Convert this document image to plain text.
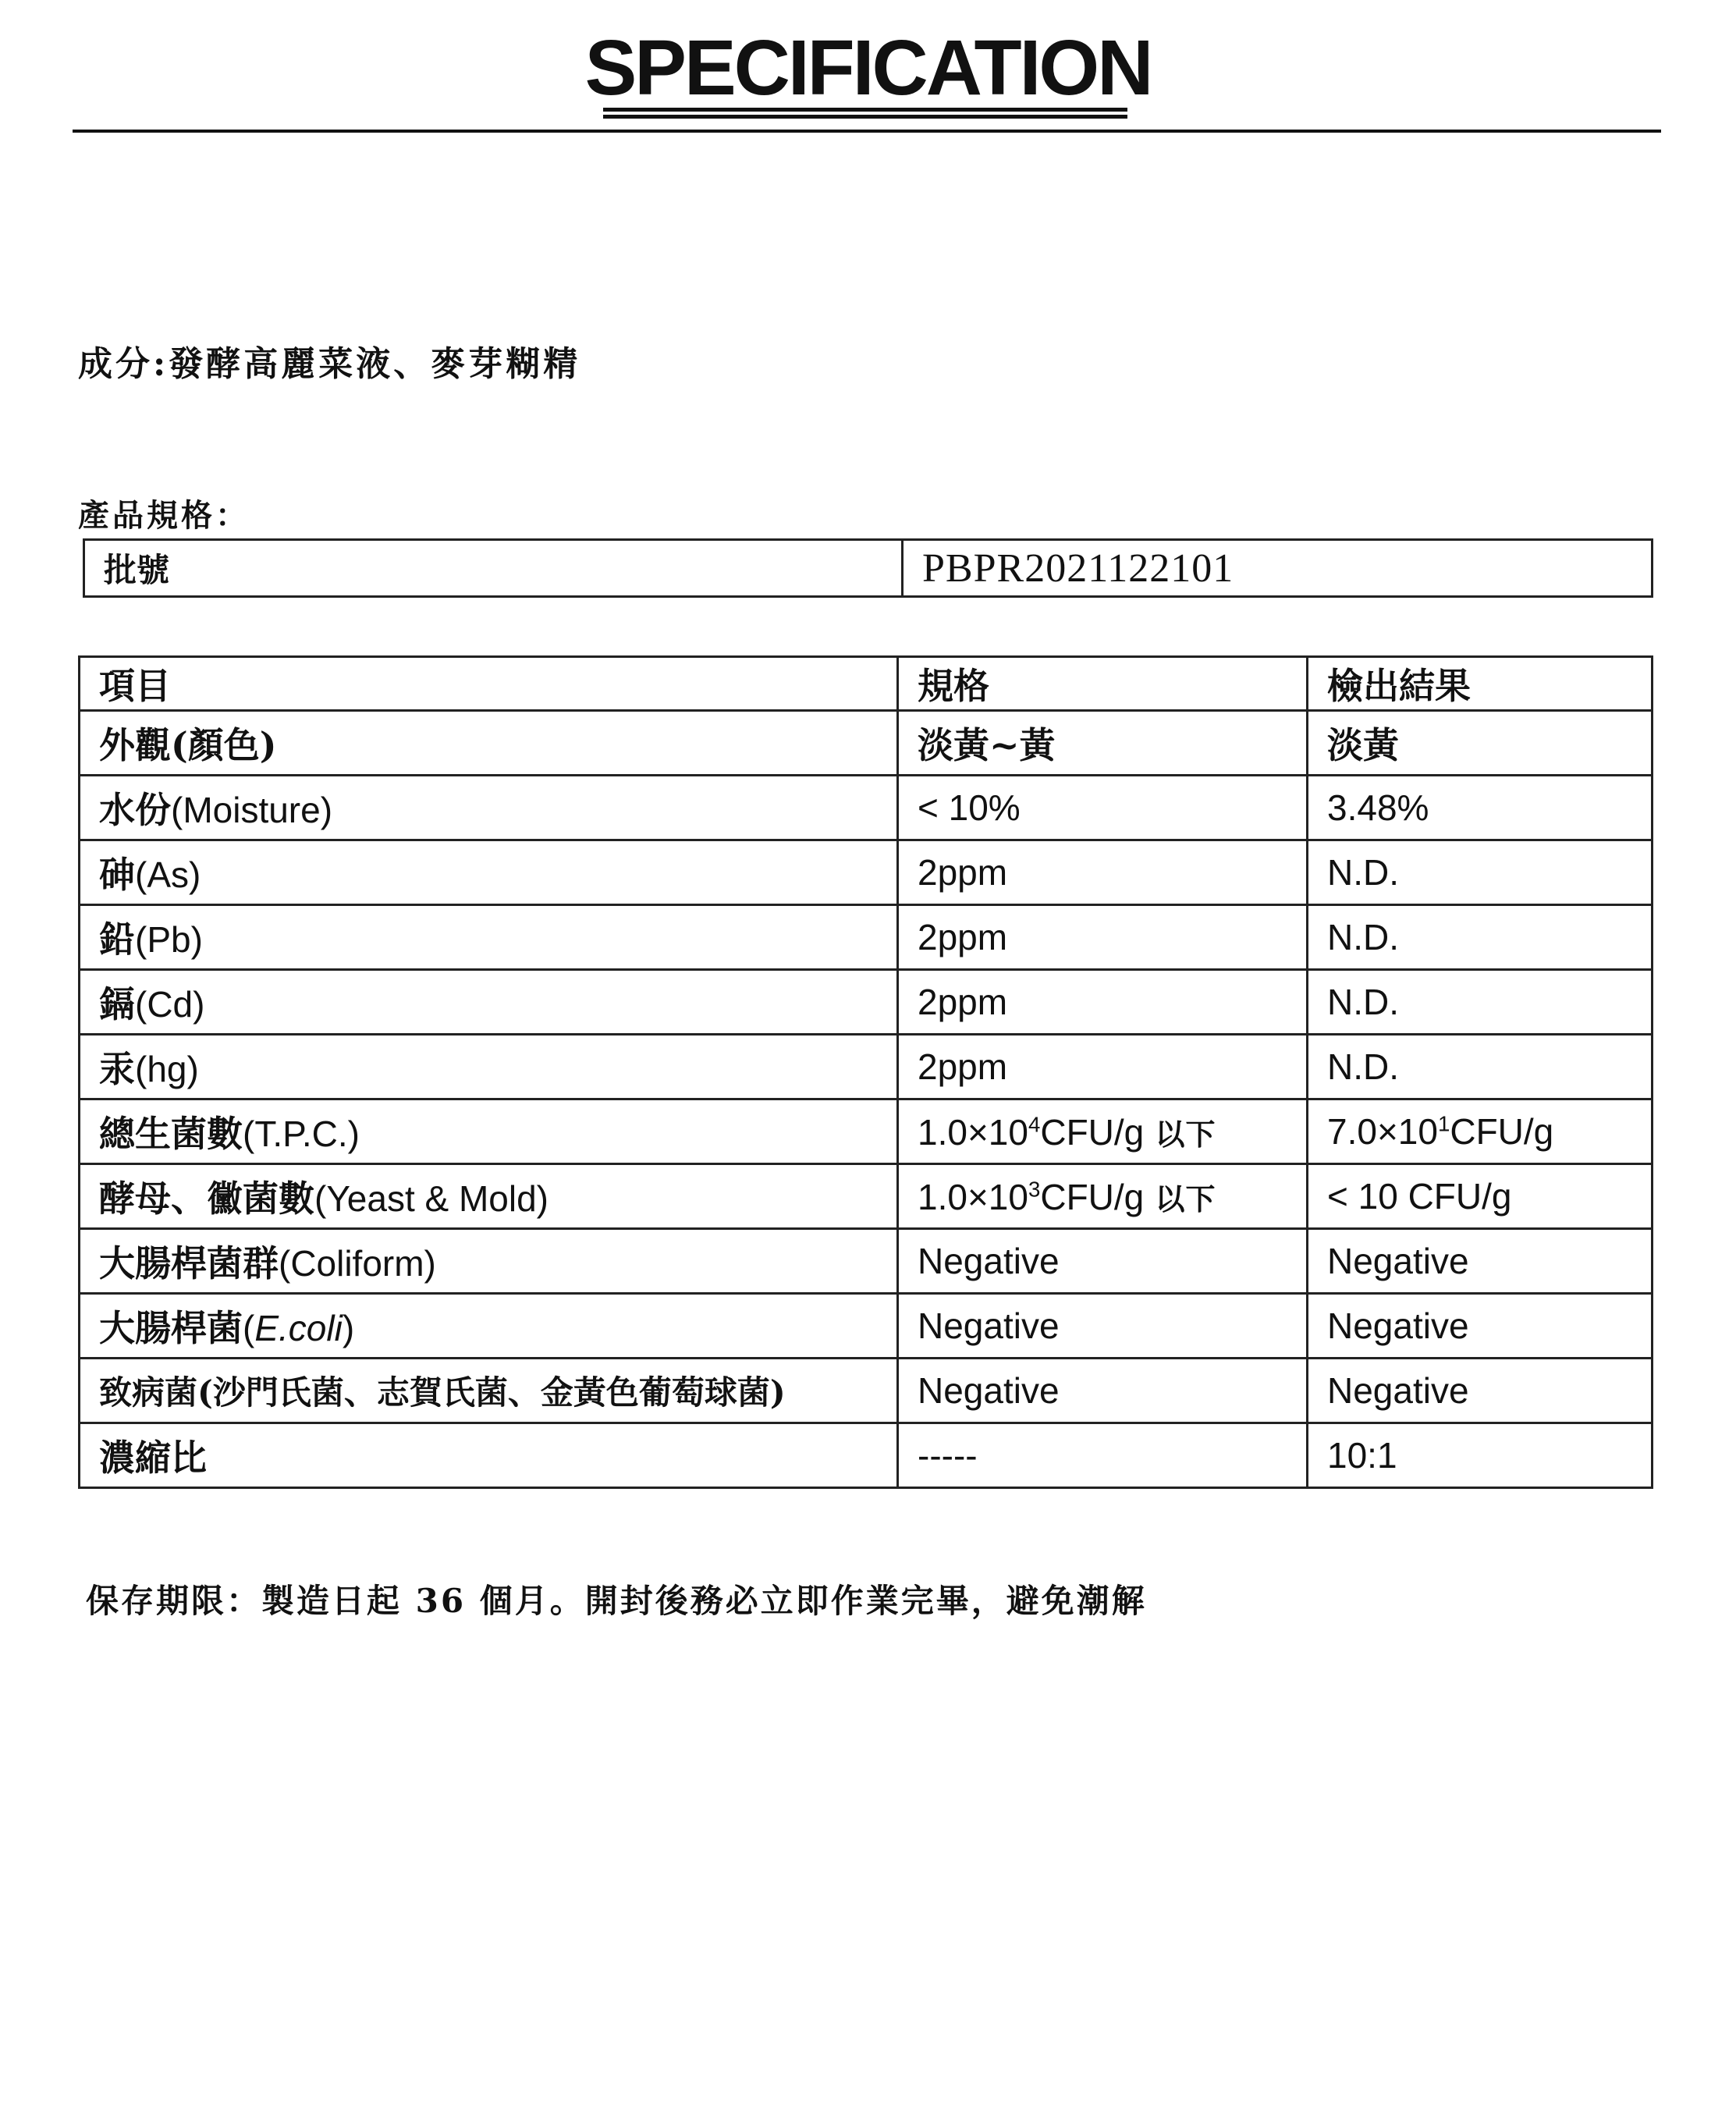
SPECIFICATION
成分:發酵高麗菜液、麥芽糊精
產品規格：
批號	PBPR2021122101
項目	規格	檢出結果
外觀(顏色)	淡黃~黃	淡黃
水份(Moisture)	< 10%	3.48%
砷(As)	2ppm	N.D.
鉛(Pb)	2ppm	N.D.
鎘(Cd)	2ppm	N.D.
汞(hg)	2ppm	N.D.
總生菌數(T.P.C.)	$1.0\times 10^4CFU/g$ 以下	$7.0\times 10^1CFU/g$
酵母、黴菌數(Yeast & Mold)	$1.0\times 10^3CFU/g$ 以下	< 10 CFU/g
大腸桿菌群(Coliform)	Negative	Negative
大腸桿菌(E.coli)	Negative	Negative
致病菌(沙門氏菌、志賀氏菌、金黃色葡萄球菌)	Negative	Negative
濃縮比	-----	10:1
保存期限：製造日起 36 個月。開封後務必立即作業完畢，避免潮解
